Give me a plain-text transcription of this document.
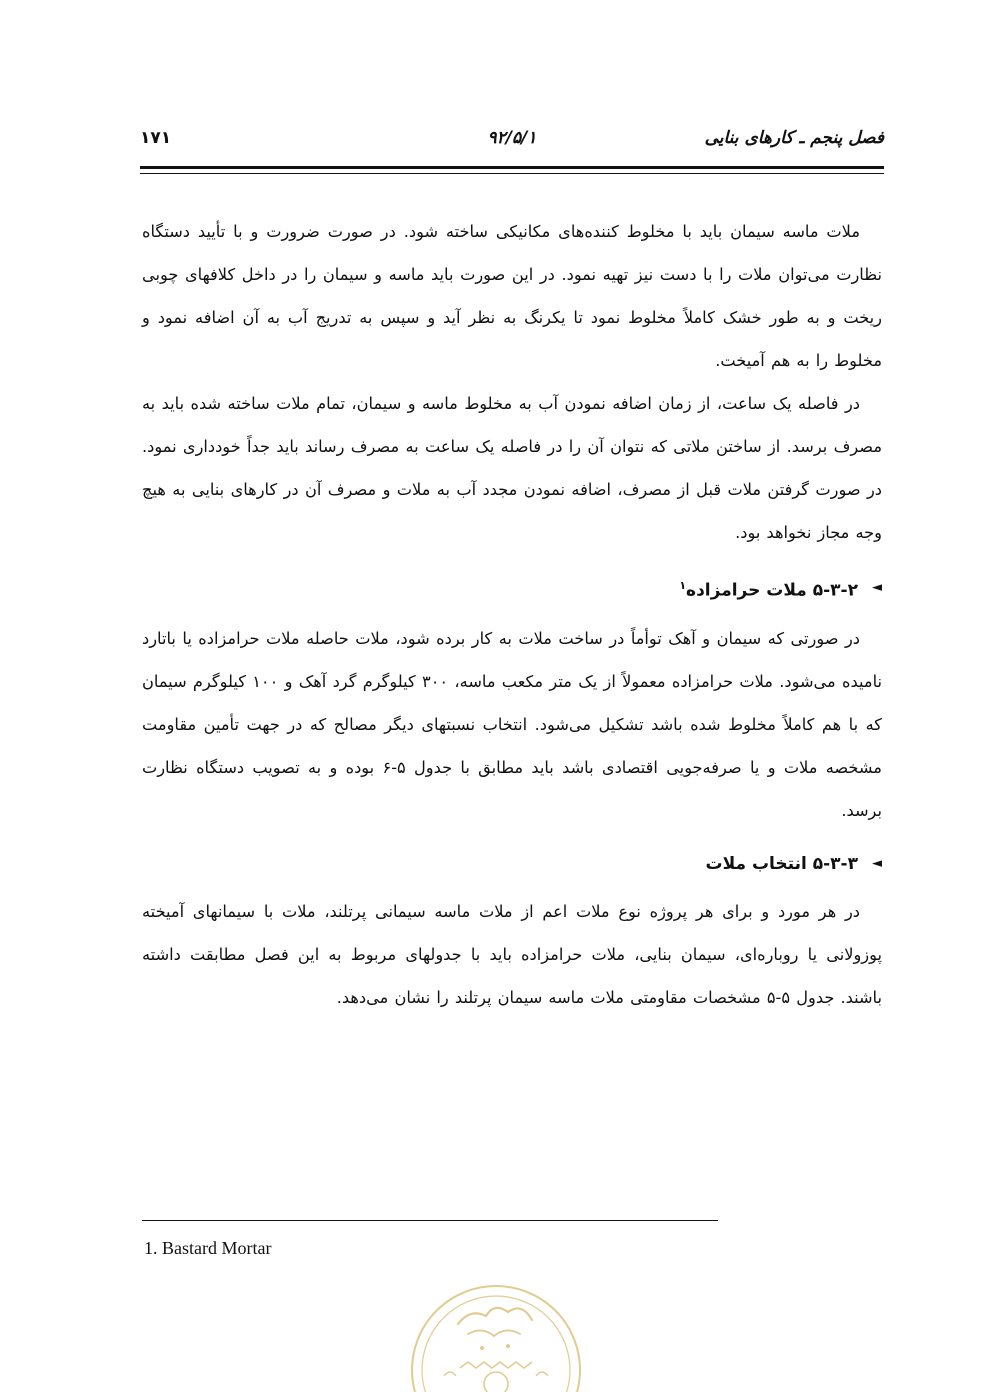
فصل پنجم ـ کارهای بنایی
۹۲/۵/۱
۱۷۱

ملات ماسه سیمان باید با مخلوط کننده‌های مکانیکی ساخته شود. در صورت ضرورت و با تأیید دستگاه نظارت می‌توان ملات را با دست نیز تهیه نمود. در این صورت باید ماسه و سیمان را در داخل کلافهای چوبی ریخت و به طور خشک کاملاً مخلوط نمود تا یکرنگ به نظر آید و سپس به تدریج آب به آن اضافه نمود و مخلوط را به هم آمیخت.

در فاصله یک ساعت، از زمان اضافه نمودن آب به مخلوط ماسه و سیمان، تمام ملات ساخته شده باید به مصرف برسد. از ساختن ملاتی که نتوان آن را در فاصله یک ساعت به مصرف رساند باید جداً خودداری نمود. در صورت گرفتن ملات قبل از مصرف، اضافه نمودن مجدد آب به ملات و مصرف آن در کارهای بنایی به هیچ وجه مجاز نخواهد بود.

◄
۵-۳-۲ ملات حرامزاده$^۱$

در صورتی که سیمان و آهک توأماً در ساخت ملات به کار برده شود، ملات حاصله ملات حرامزاده یا باتارد نامیده می‌شود. ملات حرامزاده معمولاً از یک متر مکعب ماسه، ۳۰۰ کیلوگرم گرد آهک و ۱۰۰ کیلوگرم سیمان که با هم کاملاً مخلوط شده باشد تشکیل می‌شود. انتخاب نسبتهای دیگر مصالح که در جهت تأمین مقاومت مشخصه ملات و یا صرفه‌جویی اقتصادی باشد باید مطابق با جدول ۵-۶ بوده و به تصویب دستگاه نظارت برسد.

◄
۵-۳-۳ انتخاب ملات

در هر مورد و برای هر پروژه نوع ملات اعم از ملات ماسه سیمانی پرتلند، ملات با سیمانهای آمیخته پوزولانی یا روباره‌ای، سیمان بنایی، ملات حرامزاده باید با جدولهای مربوط به این فصل مطابقت داشته باشند. جدول ۵-۵ مشخصات مقاومتی ملات ماسه سیمان پرتلند را نشان می‌دهد.

1. Bastard Mortar
